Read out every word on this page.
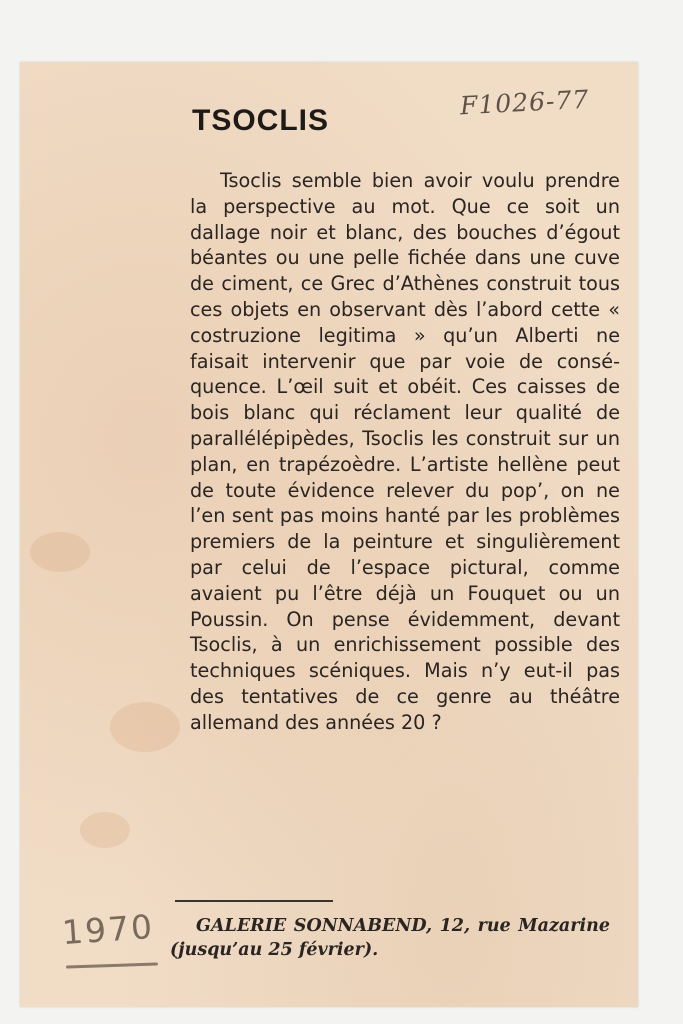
TSOCLIS
F1026-77

Tsoclis semble bien avoir voulu prendre la perspective au mot. Que ce soit un dallage noir et blanc, des bouches d’égout béantes ou une pelle fichée dans une cuve de ciment, ce Grec d’Athènes construit tous ces objets en observant dès l’abord cette « costruzione legitima » qu’un Alberti ne faisait intervenir que par voie de conséquence. L’œil suit et obéit. Ces caisses de bois blanc qui réclament leur qualité de parallélépipèdes, Tsoclis les construit sur un plan, en trapézoèdre. L’artiste hellène peut de toute évidence relever du pop’, on ne l’en sent pas moins hanté par les problèmes premiers de la peinture et singulièrement par celui de l’espace pictural, comme avaient pu l’être déjà un Fouquet ou un Poussin. On pense évidemment, devant Tsoclis, à un enrichissement possible des techniques scéniques. Mais n’y eut-il pas des tentatives de ce genre au théâtre allemand des années 20 ?

GALERIE SONNABEND, 12, rue Mazarine (jusqu’au 25 février).
1970
